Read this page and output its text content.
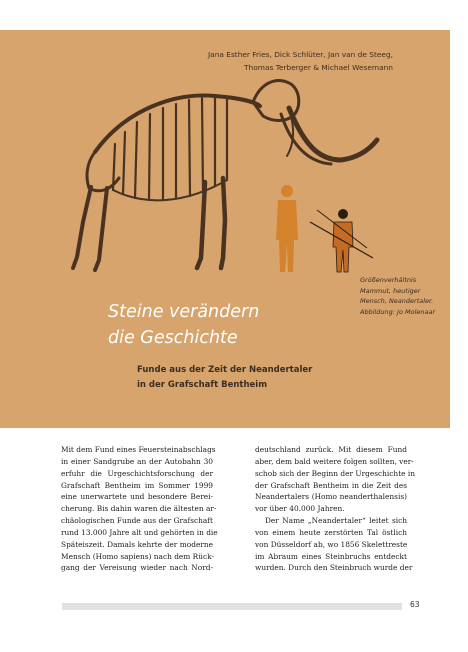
Jana Esther Fries, Dick Schlüter, Jan van de Steeg,
Thomas Terberger & Michael Wesemann
Größenverhältnis
Mammut, heutiger
Mensch, Neandertaler.
Abbildung: Jo Molenaar
Steine verändern
die Geschichte
Funde aus der Zeit der Neandertaler
in der Grafschaft Bentheim
Mit dem Fund eines Feuersteinabschlags
in einer Sandgrube an der Autobahn 30
erfuhr die Urgeschichtsforschung der
Grafschaft Bentheim im Sommer 1999
eine unerwartete und besondere Berei-
cherung. Bis dahin waren die ältesten ar-
chäologischen Funde aus der Grafschaft
rund 13.000 Jahre alt und gehörten in die
Späteiszeit. Damals kehrte der moderne
Mensch (Homo sapiens) nach dem Rück-
gang der Vereisung wieder nach Nord-
deutschland zurück. Mit diesem Fund
aber, dem bald weitere folgen sollten, ver-
schob sich der Beginn der Urgeschichte in
der Grafschaft Bentheim in die Zeit des
Neandertalers (Homo neanderthalensis)
vor über 40.000 Jahren.
Der Name „Neandertaler“ leitet sich
von einem heute zerstörten Tal östlich
von Düsseldorf ab, wo 1856 Skelettreste
im Abraum eines Steinbruchs entdeckt
wurden. Durch den Steinbruch wurde der
63
